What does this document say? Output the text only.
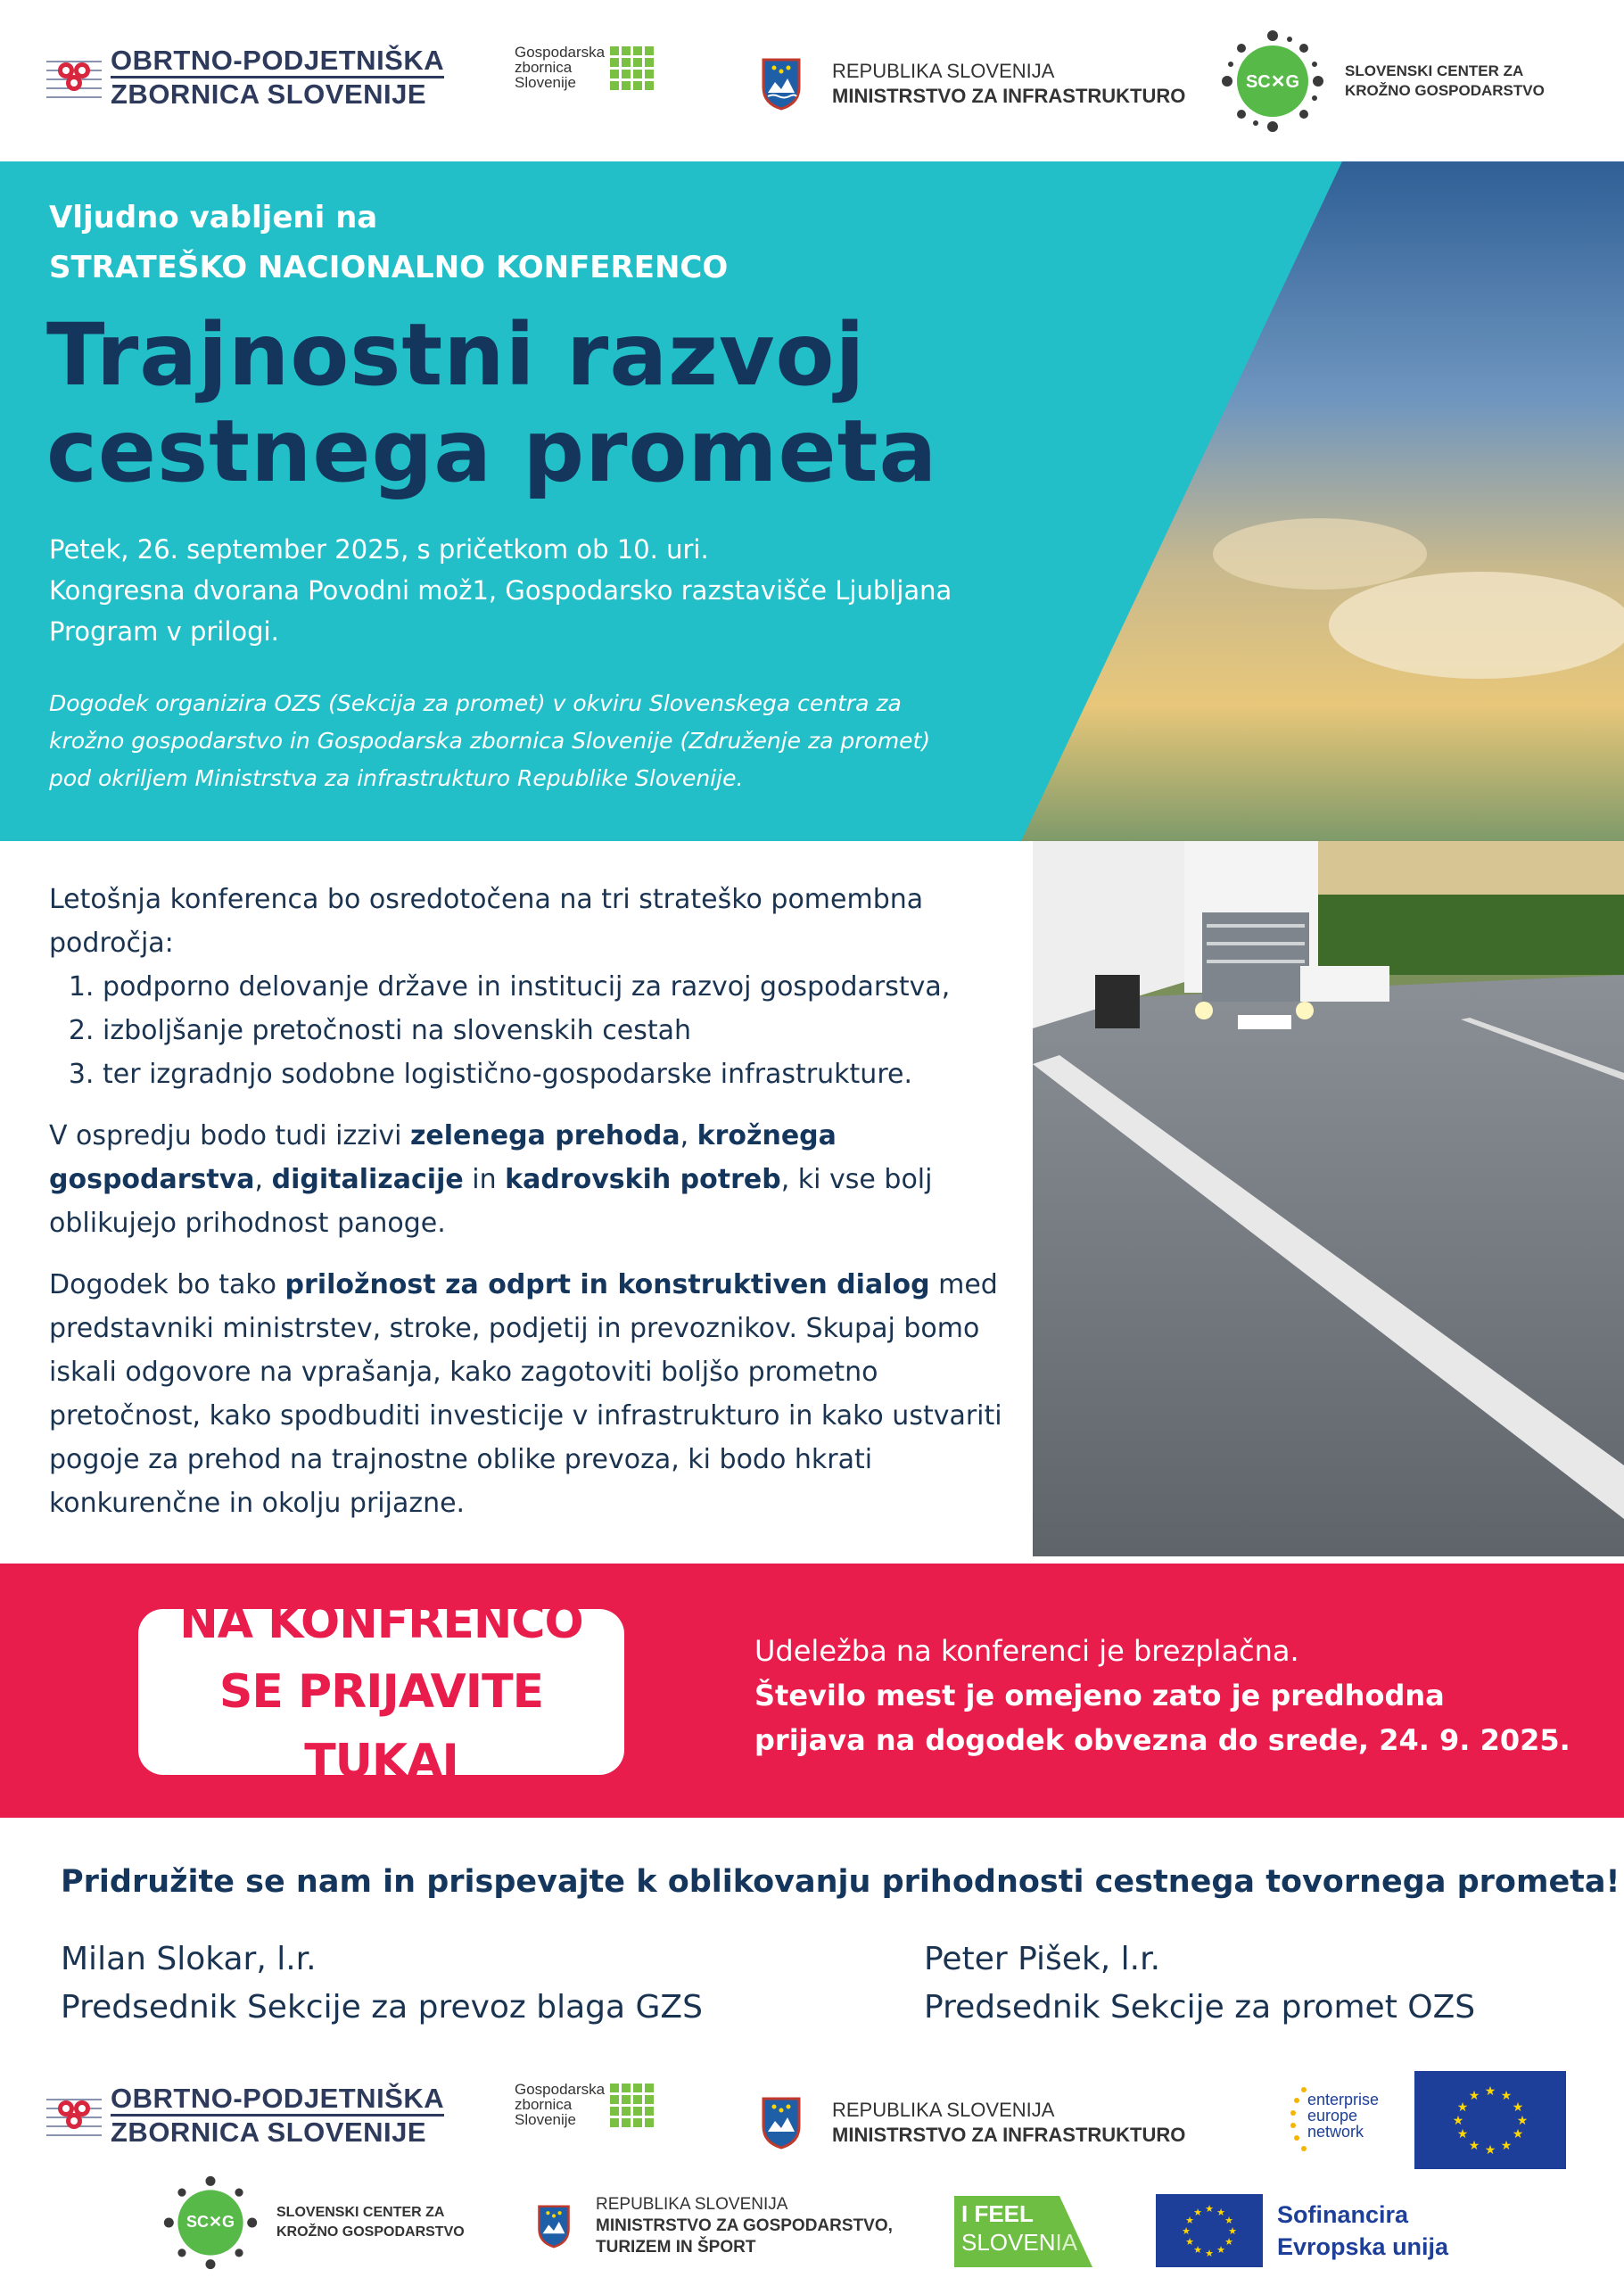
OBRTNO-PODJETNIŠKA
ZBORNICA SLOVENIJE
Gospodarska
zbornica
Slovenije
REPUBLIKA SLOVENIJA
MINISTRSTVO ZA INFRASTRUKTURO
SC✕G
SLOVENSKI CENTER ZA
KROŽNO GOSPODARSTVO
Vljudno vabljeni na
STRATEŠKO NACIONALNO KONFERENCO
Trajnostni razvoj
cestnega prometa
Petek, 26. september 2025, s pričetkom ob 10. uri.
Kongresna dvorana Povodni mož1, Gospodarsko razstavišče Ljubljana
Program v prilogi.
Dogodek organizira OZS (Sekcija za promet) v okviru Slovenskega centra za
krožno gospodarstvo in Gospodarska zbornica Slovenije (Združenje za promet)
pod okriljem Ministrstva za infrastrukturo Republike Slovenije.
Letošnja konferenca bo osredotočena na tri strateško pomembna področja:
1. podporno delovanje države in institucij za razvoj gospodarstva,
2. izboljšanje pretočnosti na slovenskih cestah
3. ter izgradnjo sodobne logistično-gospodarske infrastrukture.

V ospredju bodo tudi izzivi zelenega prehoda, krožnega gospodarstva, digitalizacije in kadrovskih potreb, ki vse bolj oblikujejo prihodnost panoge.

Dogodek bo tako priložnost za odprt in konstruktiven dialog med predstavniki ministrstev, stroke, podjetij in prevoznikov. Skupaj bomo iskali odgovore na vprašanja, kako zagotoviti boljšo prometno pretočnost, kako spodbuditi investicije v infrastrukturo in kako ustvariti pogoje za prehod na trajnostne oblike prevoza, ki bodo hkrati konkurenčne in okolju prijazne.

NA KONFRENCO
SE PRIJAVITE TUKAJ
Udeležba na konferenci je brezplačna.
Število mest je omejeno zato je predhodna
prijava na dogodek obvezna do srede, 24. 9. 2025.
Pridružite se nam in prispevajte k oblikovanju prihodnosti cestnega tovornega prometa!
Milan Slokar, l.r.
Predsednik Sekcije za prevoz blaga GZS
Peter Pišek, l.r.
Predsednik Sekcije za promet OZS
OBRTNO-PODJETNIŠKA
ZBORNICA SLOVENIJE
Gospodarska
zbornica
Slovenije	REPUBLIKA SLOVENIJA
MINISTRSTVO ZA INFRASTRUKTURO
enterprise
europe
network
★ ★
★
★
★
★
★
★
★
★
★
★
SC✕G
SLOVENSKI CENTER ZA
KROŽNO GOSPODARSTVO
REPUBLIKA SLOVENIJA
MINISTRSTVO ZA GOSPODARSTVO,
TURIZEM IN ŠPORT
I FEEL
SLOVENIA
★ ★
★
★
★
★
★
★
★
★
★
★	Sofinancira
Evropska unija
